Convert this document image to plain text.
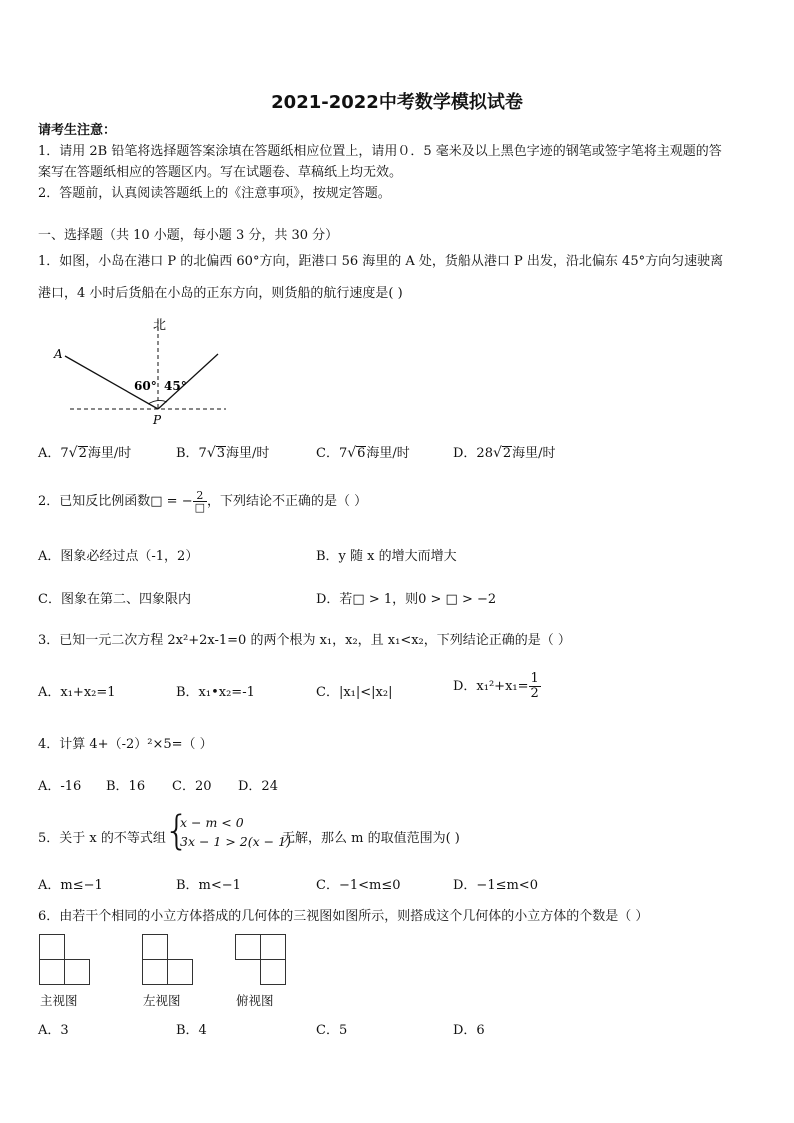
2021-2022中考数学模拟试卷
请考生注意：
1．请用 2B 铅笔将选择题答案涂填在答题纸相应位置上，请用０．5 毫米及以上黑色字迹的钢笔或签字笔将主观题的答
案写在答题纸相应的答题区内。写在试题卷、草稿纸上均无效。
2．答题前，认真阅读答题纸上的《注意事项》，按规定答题。
一、选择题（共 10 小题，每小题 3 分，共 30 分）
1．如图，小岛在港口 P 的北偏西 60°方向，距港口 56 海里的 A 处，货船从港口 P 出发，沿北偏东 45°方向匀速驶离
港口，4 小时后货船在小岛的正东方向，则货船的航行速度是( )
北
A
P
60° 45°
A．7√2海里/时	B．7√3海里/时	C．7√6海里/时	D．28√2海里/时
2．已知反比例函数□ = − $\frac{2}{□}$ ，下列结论不正确的是（ ）
A．图象必经过点（-1，2）	B．y 随 x 的增大而增大
C．图象在第二、四象限内	D．若□ > 1，则0 > □ > −2
3．已知一元二次方程 2x²+2x-1=0 的两个根为 x₁，x₂，且 x₁<x₂，下列结论正确的是（ ）
A．x₁+x₂=1	B．x₁•x₂=-1	C．|x₁|<|x₂|	D．$x_1^2+x_1= \frac{1}{2}$
4．计算 4+（-2）²×5=（ ）
A．-16 B．16 C．20 D．24
5．关于 x 的不等式组
{
x − m < 0
3x − 1 > 2(x − 1)
无解，那么 m 的取值范围为( )
A．m≤−1	B．m<−1	C．−1<m≤0	D．−1≤m<0
6．由若干个相同的小立方体搭成的几何体的三视图如图所示，则搭成这个几何体的小立方体的个数是（ ）
主视图	左视图	俯视图
A．3	B．4	C．5	D．6
